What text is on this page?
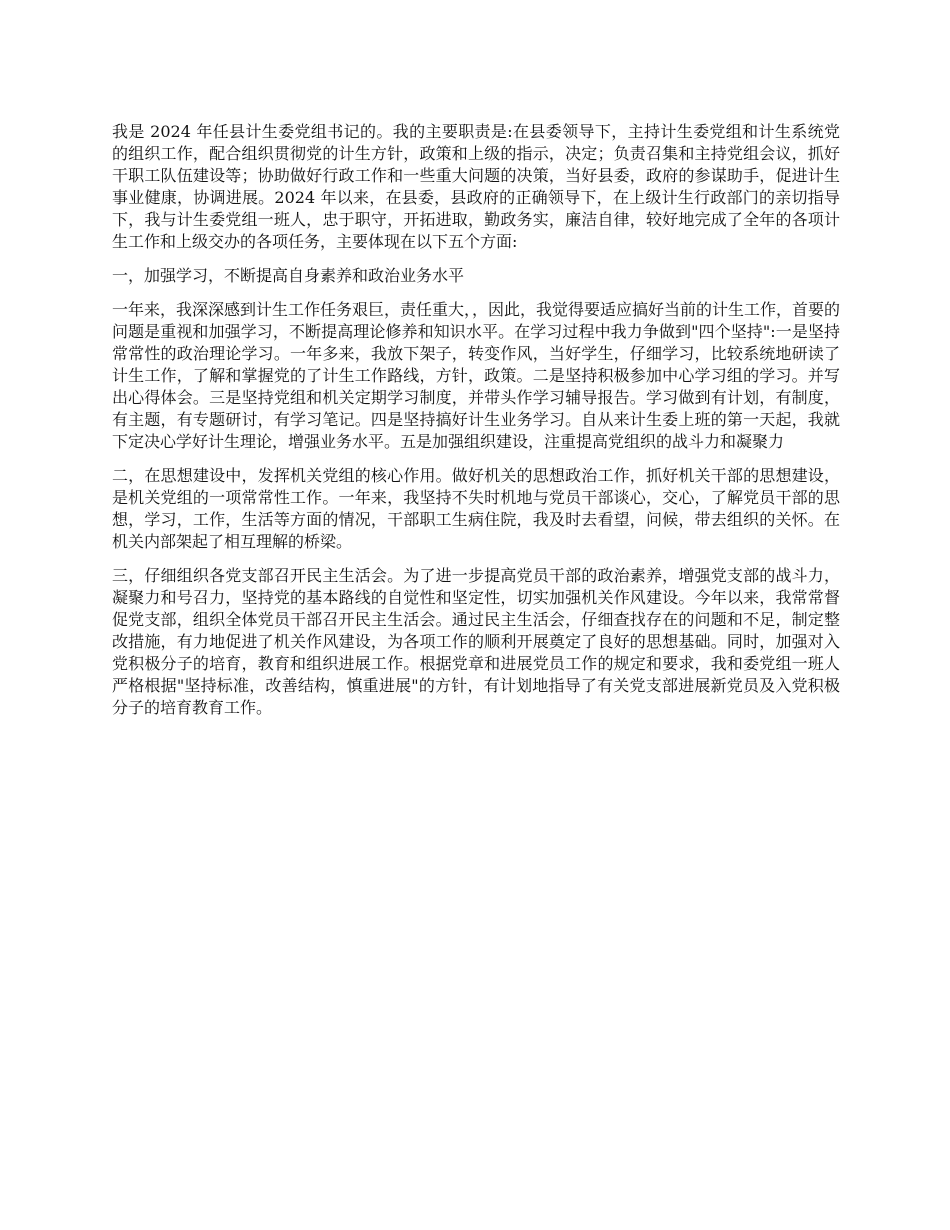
我是 2024 年任县计生委党组书记的。我的主要职责是:在县委领导下，主持计生委党组和计生系统党的组织工作，配合组织贯彻党的计生方针，政策和上级的指示，决定；负责召集和主持党组会议，抓好干职工队伍建设等；协助做好行政工作和一些重大问题的决策，当好县委，政府的参谋助手，促进计生事业健康，协调进展。2024 年以来，在县委，县政府的正确领导下，在上级计生行政部门的亲切指导下，我与计生委党组一班人，忠于职守，开拓进取，勤政务实，廉洁自律，较好地完成了全年的各项计生工作和上级交办的各项任务，主要体现在以下五个方面:

一，加强学习，不断提高自身素养和政治业务水平

一年来，我深深感到计生工作任务艰巨，责任重大，，因此，我觉得要适应搞好当前的计生工作，首要的问题是重视和加强学习，不断提高理论修养和知识水平。在学习过程中我力争做到"四个坚持":一是坚持常常性的政治理论学习。一年多来，我放下架子，转变作风，当好学生，仔细学习，比较系统地研读了计生工作，了解和掌握党的了计生工作路线，方针，政策。二是坚持积极参加中心学习组的学习。并写出心得体会。三是坚持党组和机关定期学习制度，并带头作学习辅导报告。学习做到有计划，有制度，有主题，有专题研讨，有学习笔记。四是坚持搞好计生业务学习。自从来计生委上班的第一天起，我就下定决心学好计生理论，增强业务水平。五是加强组织建设，注重提高党组织的战斗力和凝聚力

二，在思想建设中，发挥机关党组的核心作用。做好机关的思想政治工作，抓好机关干部的思想建设，是机关党组的一项常常性工作。一年来，我坚持不失时机地与党员干部谈心，交心，了解党员干部的思想，学习，工作，生活等方面的情况，干部职工生病住院，我及时去看望，问候，带去组织的关怀。在机关内部架起了相互理解的桥梁。

三，仔细组织各党支部召开民主生活会。为了进一步提高党员干部的政治素养，增强党支部的战斗力，凝聚力和号召力，坚持党的基本路线的自觉性和坚定性，切实加强机关作风建设。今年以来，我常常督促党支部，组织全体党员干部召开民主生活会。通过民主生活会，仔细查找存在的问题和不足，制定整改措施，有力地促进了机关作风建设，为各项工作的顺利开展奠定了良好的思想基础。同时，加强对入党积极分子的培育，教育和组织进展工作。根据党章和进展党员工作的规定和要求，我和委党组一班人严格根据"坚持标准，改善结构，慎重进展"的方针，有计划地指导了有关党支部进展新党员及入党积极分子的培育教育工作。
